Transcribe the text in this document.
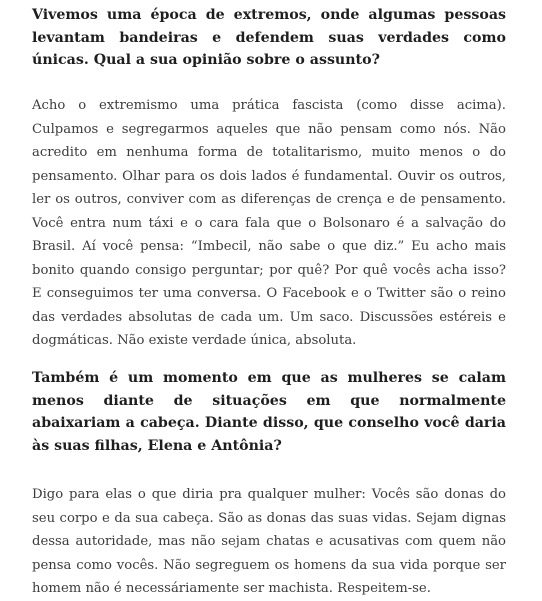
Vivemos uma época de extremos, onde algumas pessoas levantam bandeiras e defendem suas verdades como únicas. Qual a sua opinião sobre o assunto?

Acho o extremismo uma prática fascista (como disse acima). Culpamos e segregarmos aqueles que não pensam como nós. Não acredito em nenhuma forma de totalitarismo, muito menos o do pensamento. Olhar para os dois lados é fundamental. Ouvir os outros, ler os outros, conviver com as diferenças de crença e de pensamento. Você entra num táxi e o cara fala que o Bolsonaro é a salvação do Brasil. Aí você pensa: “Imbecil, não sabe o que diz.” Eu acho mais bonito quando consigo perguntar; por quê? Por quê vocês acha isso? E conseguimos ter uma conversa. O Facebook e o Twitter são o reino das verdades absolutas de cada um. Um saco. Discussões estéreis e dogmáticas. Não existe verdade única, absoluta.

Também é um momento em que as mulheres se calam menos diante de situações em que normalmente abaixariam a cabeça. Diante disso, que conselho você daria às suas filhas, Elena e Antônia?

Digo para elas o que diria pra qualquer mulher: Vocês são donas do seu corpo e da sua cabeça. São as donas das suas vidas. Sejam dignas dessa autoridade, mas não sejam chatas e acusativas com quem não pensa como vocês. Não segreguem os homens da sua vida porque ser homem não é necessáriamente ser machista. Respeitem-se.
